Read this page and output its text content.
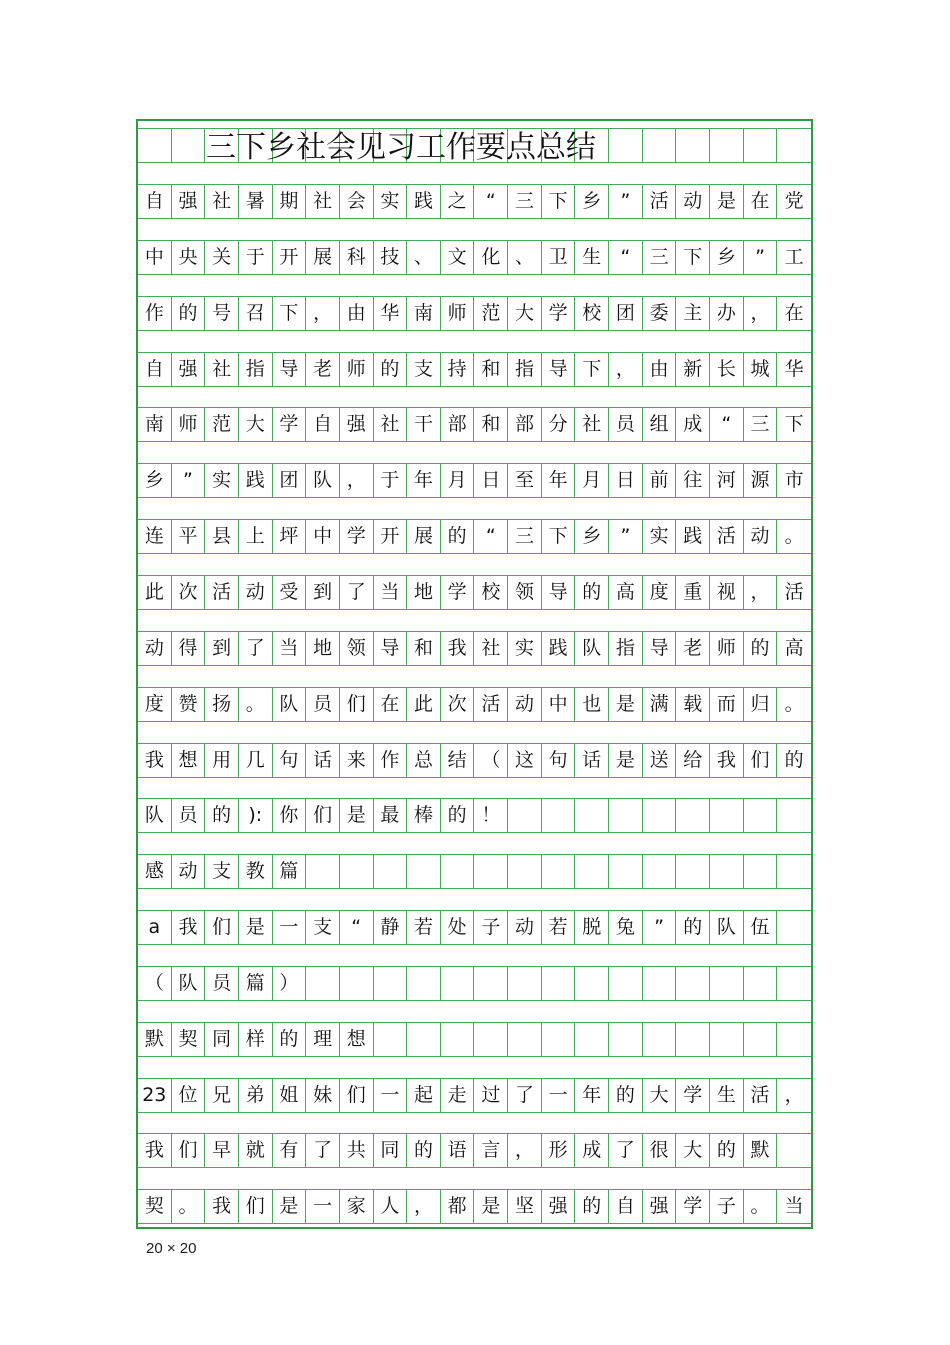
三下乡社会见习工作要点总结
自 强 社 暑 期 社 会 实 践 之	“	三 下 乡	”	活 动 是 在 党
中 央 关 于 开 展 科 技 、 文 化 、 卫 生	“	三 下 乡	”	工
作 的 号 召 下 ， 由 华 南 师 范 大 学 校 团 委 主 办 ， 在
自 强 社 指 导 老 师 的 支 持 和 指 导 下 ， 由 新 长 城 华
南 师 范 大 学 自 强 社 干 部 和 部 分 社 员 组 成	“	三 下
乡	”	实 践 团 队 ， 于 年 月 日 至 年 月 日 前 往 河 源 市
连 平 县 上 坪 中 学 开 展 的	“	三 下 乡	”	实 践 活 动 。
此 次 活 动 受 到 了 当 地 学 校 领 导 的 高 度 重 视 ， 活
动 得 到 了 当 地 领 导 和 我 社 实 践 队 指 导 老 师 的 高
度 赞 扬 。 队 员 们 在 此 次 活 动 中 也 是 满 载 而 归 。
我 想 用 几 句 话 来 作 总 结 （ 这 句 话 是 送 给 我 们 的
队 员 的 ): 你 们 是 最 棒 的 ！
感 动 支 教 篇
a 我 们 是 一 支	“	静 若 处 子 动 若 脱 兔	”	的 队 伍
（ 队 员 篇 ）
默 契 同 样 的 理 想
23 位 兄 弟 姐 妹 们 一 起 走 过 了 一 年 的 大 学 生 活 ，
我 们 早 就 有 了 共 同 的 语 言 ， 形 成 了 很 大 的 默
契 。 我 们 是 一 家 人 ， 都 是 坚 强 的 自 强 学 子 。 当
20 × 20
